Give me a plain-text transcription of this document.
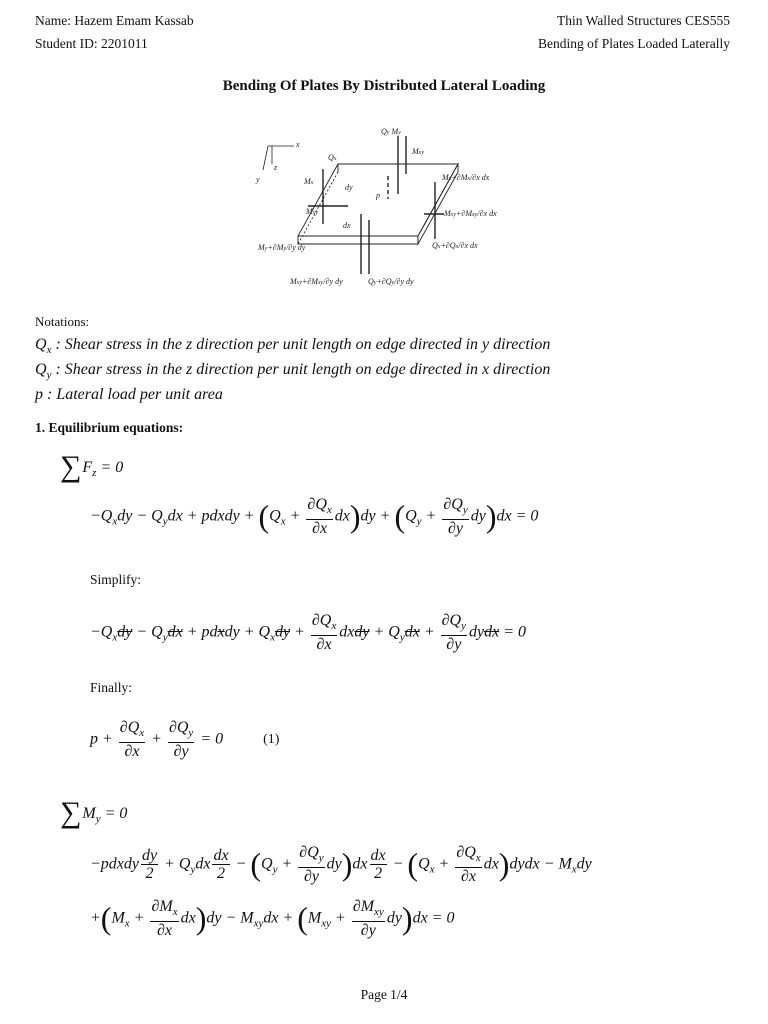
Name: Hazem Emam Kassab
Student ID: 2201011
Thin Walled Structures CES555
Bending of Plates Loaded Laterally
Bending Of Plates By Distributed Lateral Loading
x
y
z
Qy My
Mxy
Qx
Mx
Mxy
p
dx
dy
Mx+∂Mx/∂x dx
Mxy+∂Mxy/∂x dx
Qx+∂Qx/∂x dx
My+∂My/∂y dy
Mxy+∂Mxy/∂y dy	Qy+∂Qy/∂y dy
Notations:
$Q_x$ : Shear stress in the z direction per unit length on edge directed in y direction
$Q_y$ : Shear stress in the z direction per unit length on edge directed in x direction
p : Lateral load per unit area
1. Equilibrium equations:
$\sum F_z = 0$
$-Q_xdy - Q_ydx$ + pdxdy + $(Q_x + \frac{\partial Q_x}{\partial x} dx)dy + (Q_y + \frac{\partial Q_y}{\partial y} dy)dx = 0$
Simplify:
$-Q_xdy - Q_ydx$ + pdxdy + $Q_xdy + \frac{\partial Q_x}{\partial x}$ dxdy + $Q_ydx + \frac{\partial Q_y}{\partial y}$ dydx = 0
Finally:
$p + \frac{\partial Q_x}{\partial x} + \frac{\partial Q_y}{\partial y} = 0$	(1)
$\sum M_y = 0$
−pdxdy $\frac{dy}{2} + Q_ydx \frac{dx}{2} - (Q_y + \frac{\partial Q_y}{\partial y} dy)dx \frac{dx}{2} - (Q_x + \frac{\partial Q_x}{\partial x}$ dx)dydx − $M_xdy$
$+(M_x + \frac{\partial M_x}{\partial x} dx)dy - M_{xy}dx + (M_{xy} + \frac{\partial M_{xy}}{\partial y} dy)dx = 0$
Page 1/4
